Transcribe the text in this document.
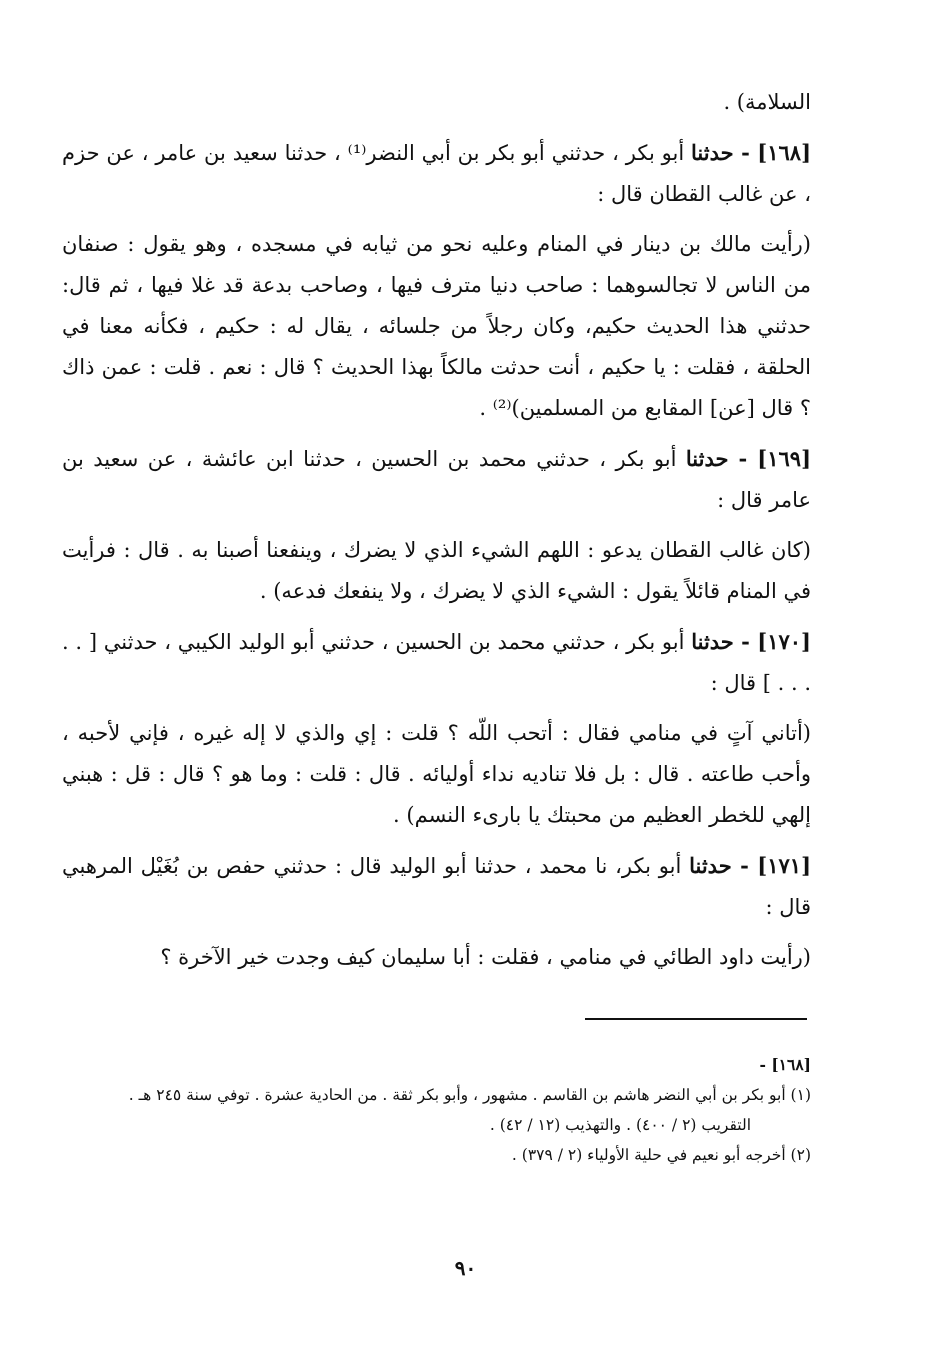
السلامة) .

[١٦٨] - حدثنا أبو بكر ، حدثني أبو بكر بن أبي النضر⁽¹⁾ ، حدثنا سعيد بن عامر ، عن حزم ، عن غالب القطان قال :

(رأيت مالك بن دينار في المنام وعليه نحو من ثيابه في مسجده ، وهو يقول : صنفان من الناس لا تجالسوهما : صاحب دنيا مترف فيها ، وصاحب بدعة قد غلا فيها ، ثم قال: حدثني هذا الحديث حكيم، وكان رجلاً من جلسائه ، يقال له : حكيم ، فكأنه معنا في الحلقة ، فقلت : يا حكيم ، أنت حدثت مالكاً بهذا الحديث ؟ قال : نعم . قلت : عمن ذاك ؟ قال [عن] المقابع من المسلمين)⁽²⁾ .

[١٦٩] - حدثنا أبو بكر ، حدثني محمد بن الحسين ، حدثنا ابن عائشة ، عن سعيد بن عامر قال :

(كان غالب القطان يدعو : اللهم الشيء الذي لا يضرك ، وينفعنا أصبنا به . قال : فرأيت في المنام قائلاً يقول : الشيء الذي لا يضرك ، ولا ينفعك فدعه) .

[١٧٠] - حدثنا أبو بكر ، حدثني محمد بن الحسين ، حدثني أبو الوليد الكيبي ، حدثني [ . . . . . ] قال :

(أتاني آتٍ في منامي فقال : أتحب اللّه ؟ قلت : إي والذي لا إله غيره ، فإني لأحبه ، وأحب طاعته . قال : بل فلا تناديه نداء أوليائه . قال : قلت : وما هو ؟ قال : قل : هبني إلهي للخطر العظيم من محبتك يا بارىء النسم) .

[١٧١] - حدثنا أبو بكر، نا محمد ، حدثنا أبو الوليد قال : حدثني حفص بن بُغَيْل المرهبي قال :

(رأيت داود الطائي في منامي ، فقلت : أبا سليمان كيف وجدت خير الآخرة ؟

[١٦٨] -

(١) أبو بكر بن أبي النضر هاشم بن القاسم . مشهور ، وأبو بكر ثقة . من الحادية عشرة . توفي سنة ٢٤٥ هـ .

التقريب (٢ / ٤٠٠) . والتهذيب (١٢ / ٤٢) .

(٢) أخرجه أبو نعيم في حلية الأولياء (٢ / ٣٧٩) .

٩٠
